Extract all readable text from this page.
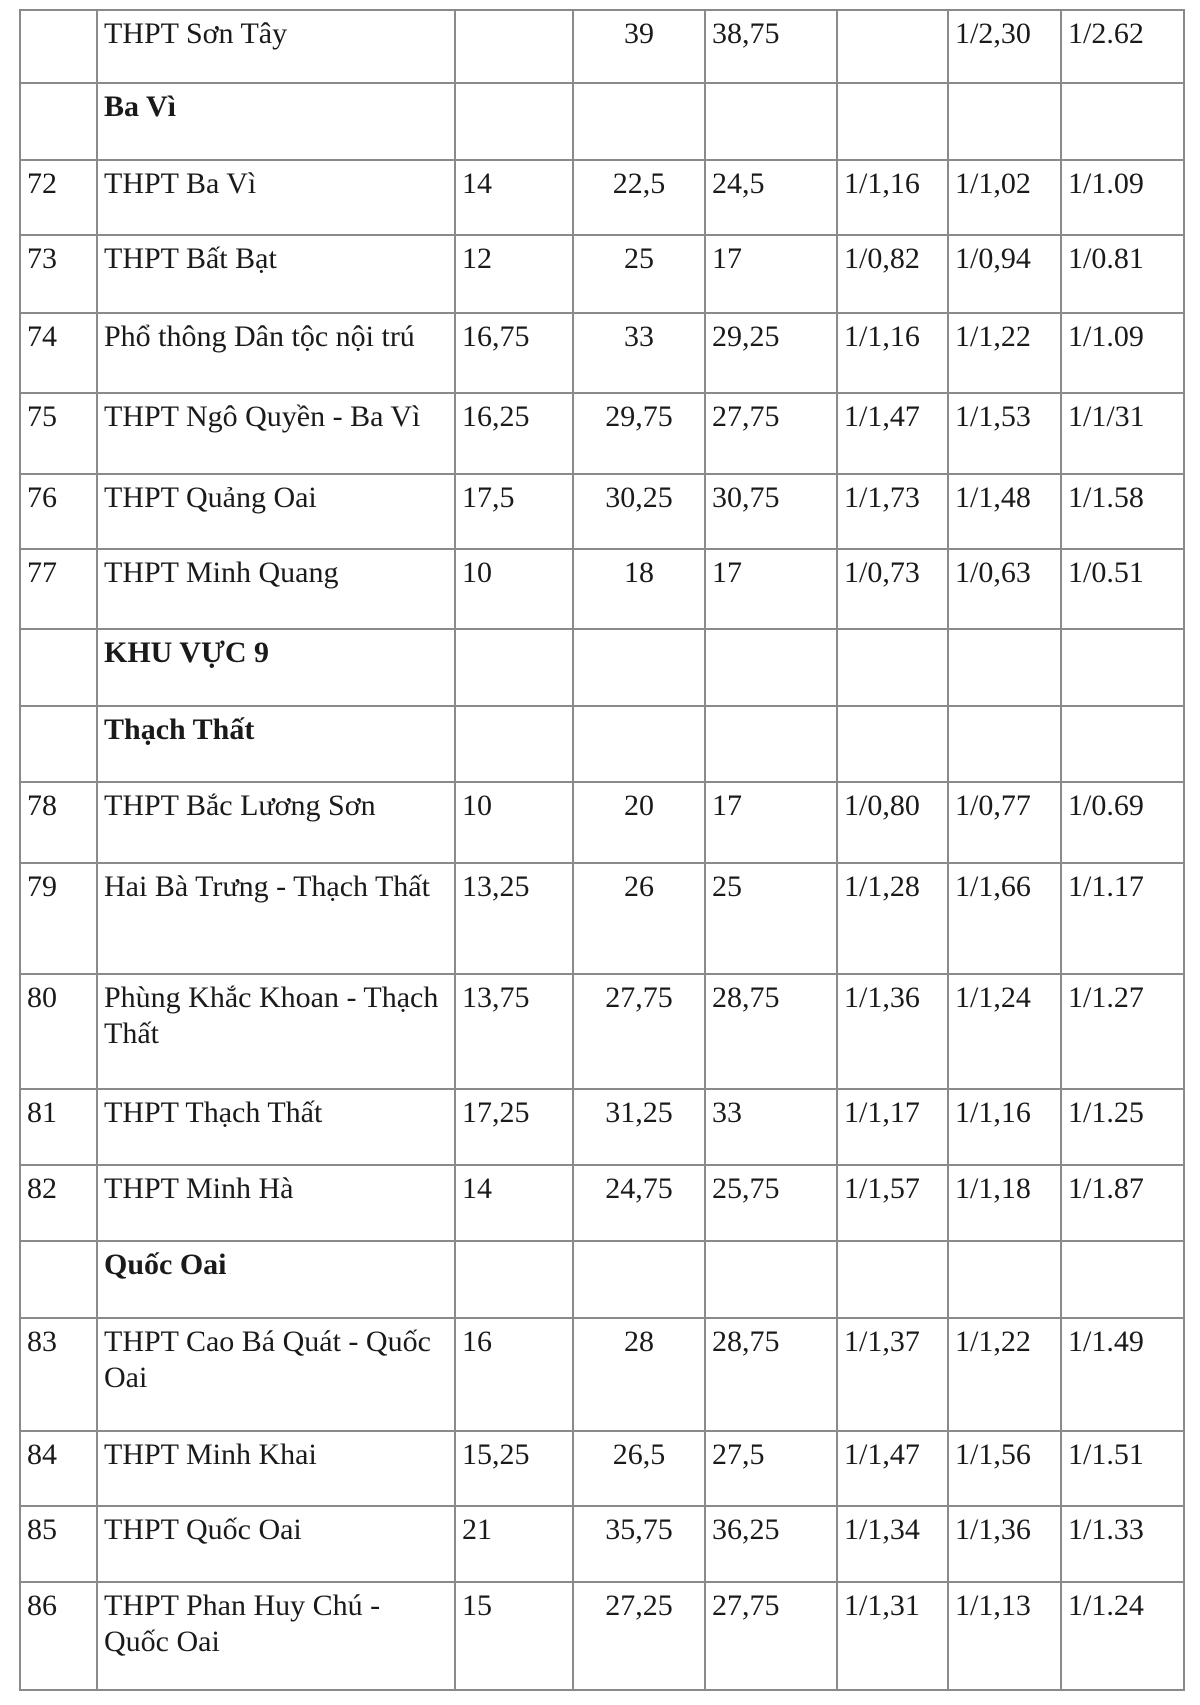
	THPT Sơn Tây		39	38,75		1/2,30	1/2.62
	Ba Vì						
72	THPT Ba Vì	14	22,5	24,5	1/1,16	1/1,02	1/1.09
73	THPT Bất Bạt	12	25	17	1/0,82	1/0,94	1/0.81
74	Phổ thông Dân tộc nội trú	16,75	33	29,25	1/1,16	1/1,22	1/1.09
75	THPT Ngô Quyền - Ba Vì	16,25	29,75	27,75	1/1,47	1/1,53	1/1/31
76	THPT Quảng Oai	17,5	30,25	30,75	1/1,73	1/1,48	1/1.58
77	THPT Minh Quang	10	18	17	1/0,73	1/0,63	1/0.51
	KHU VỰC 9						
	Thạch Thất						
78	THPT Bắc Lương Sơn	10	20	17	1/0,80	1/0,77	1/0.69
79	Hai Bà Trưng - Thạch Thất	13,25	26	25	1/1,28	1/1,66	1/1.17
80	Phùng Khắc Khoan - Thạch Thất	13,75	27,75	28,75	1/1,36	1/1,24	1/1.27
81	THPT Thạch Thất	17,25	31,25	33	1/1,17	1/1,16	1/1.25
82	THPT Minh Hà	14	24,75	25,75	1/1,57	1/1,18	1/1.87
	Quốc Oai						
83	THPT Cao Bá Quát - Quốc Oai	16	28	28,75	1/1,37	1/1,22	1/1.49
84	THPT Minh Khai	15,25	26,5	27,5	1/1,47	1/1,56	1/1.51
85	THPT Quốc Oai	21	35,75	36,25	1/1,34	1/1,36	1/1.33
86	THPT Phan Huy Chú - Quốc Oai	15	27,25	27,75	1/1,31	1/1,13	1/1.24
